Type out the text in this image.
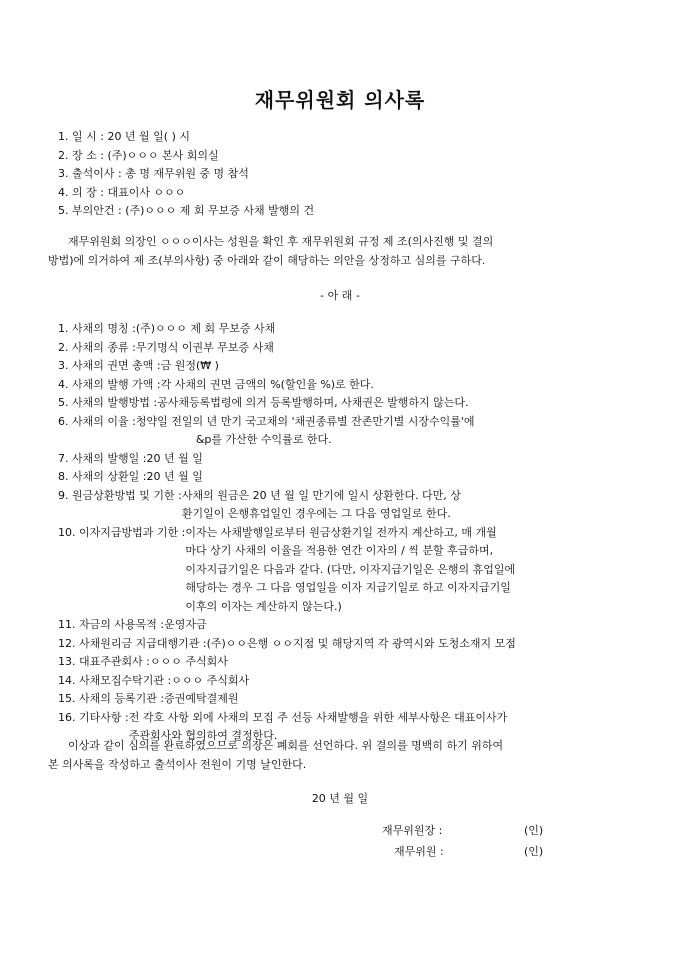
재무위원회 의사록
1. 일 시 : 20 년 월 일( ) 시
2. 장 소 : (주)ㅇㅇㅇ 본사 회의실
3. 출석이사 : 총 명 재무위원 중 명 참석
4. 의 장 : 대표이사 ㅇㅇㅇ
5. 부의안건 : (주)ㅇㅇㅇ 제 회 무보증 사채 발행의 건
재무위원회 의장인 ㅇㅇㅇ이사는 성원을 확인 후 재무위원회 규정 제 조(의사진행 및 결의
방법)에 의거하여 제 조(부의사항) 중 아래와 같이 해당하는 의안을 상정하고 심의를 구하다.
- 아 래 -
1. 사채의 명칭 : (주)ㅇㅇㅇ 제 회 무보증 사채
2. 사채의 종류 : 무기명식 이권부 무보증 사채
3. 사채의 권면 총액 : 금 원정(₩ )
4. 사채의 발행 가액 : 각 사채의 권면 금액의 %(할인율 %)로 한다.
5. 사채의 발행방법 : 공사채등록법령에 의거 등록발행하며, 사채권은 발행하지 않는다.
6. 사채의 이율 : 청약일 전일의 년 만기 국고채의 '채권종류별 잔존만기별 시장수익률'에
&p를 가산한 수익률로 한다.
7. 사채의 발행일 : 20 년 월 일
8. 사채의 상환일 : 20 년 월 일
9. 원금상환방법 및 기한 : 사채의 원금은 20 년 월 일 만기에 일시 상환한다. 다만, 상
환기일이 은행휴업일인 경우에는 그 다음 영업일로 한다.
10. 이자지급방법과 기한 : 이자는 사채발행일로부터 원금상환기일 전까지 계산하고, 매 개월
마다 상기 사채의 이율을 적용한 연간 이자의 / 씩 분할 후급하며,
이자지급기일은 다음과 같다. (다만, 이자지급기일은 은행의 휴업일에
해당하는 경우 그 다음 영업일을 이자 지급기일로 하고 이자지급기일
이후의 이자는 계산하지 않는다.)
11. 자금의 사용목적 : 운영자금
12. 사채원리금 지급대행기관 : (주)ㅇㅇ은행 ㅇㅇ지점 및 해당지역 각 광역시와 도청소재지 모점
13. 대표주관회사 : ㅇㅇㅇ 주식회사
14. 사채모집수탁기관 : ㅇㅇㅇ 주식회사
15. 사채의 등록기관 : 증권예탁결제원
16. 기타사항 : 전 각호 사항 외에 사채의 모집 주 선등 사채발행을 위한 세부사항은 대표이사가
주관회사와 협의하여 결정한다.
이상과 같이 심의를 완료하였으므로 의장은 폐회를 선언하다. 위 결의를 명백히 하기 위하여
본 의사록을 작성하고 출석이사 전원이 기명 날인한다.
20 년 월 일
재무위원장 :	(인)
재무위원 :	(인)
